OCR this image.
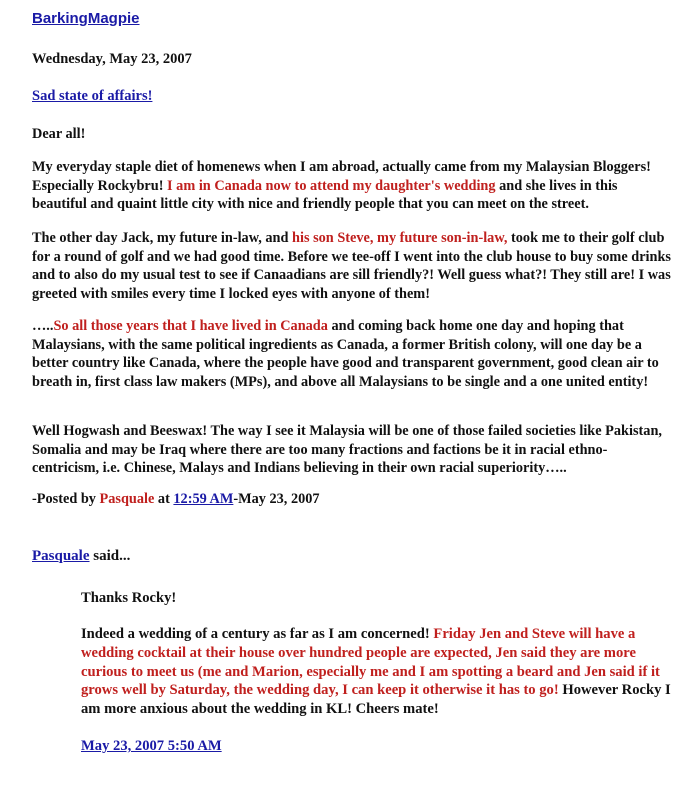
BarkingMagpie
Wednesday, May 23, 2007
Sad state of affairs!
Dear all!
My everyday staple diet of homenews when I am abroad, actually came from my Malaysian Bloggers! Especially Rockybru! I am in Canada now to attend my daughter's wedding and she lives in this beautiful and quaint little city with nice and friendly people that you can meet on the street.
The other day Jack, my future in-law, and his son Steve, my future son-in-law, took me to their golf club for a round of golf and we had good time. Before we tee-off I went into the club house to buy some drinks and to also do my usual test to see if Canaadians are sill friendly?! Well guess what?! They still are! I was greeted with smiles every time I locked eyes with anyone of them!
…..So all those years that I have lived in Canada and coming back home one day and hoping that Malaysians, with the same political ingredients as Canada, a former British colony, will one day be a better country like Canada, where the people have good and transparent government, good clean air to breath in, first class law makers (MPs), and above all Malaysians to be single and a one united entity!
Well Hogwash and Beeswax! The way I see it Malaysia will be one of those failed societies like Pakistan, Somalia and may be Iraq where there are too many fractions and factions be it in racial ethno-centricism, i.e. Chinese, Malays and Indians believing in their own racial superiority…..
-Posted by Pasquale at 12:59 AM-May 23, 2007
Pasquale said...
Thanks Rocky!
Indeed a wedding of a century as far as I am concerned! Friday Jen and Steve will have a wedding cocktail at their house over hundred people are expected, Jen said they are more curious to meet us (me and Marion, especially me and I am spotting a beard and Jen said if it grows well by Saturday, the wedding day, I can keep it otherwise it has to go! However Rocky I am more anxious about the wedding in KL! Cheers mate!
May 23, 2007 5:50 AM
